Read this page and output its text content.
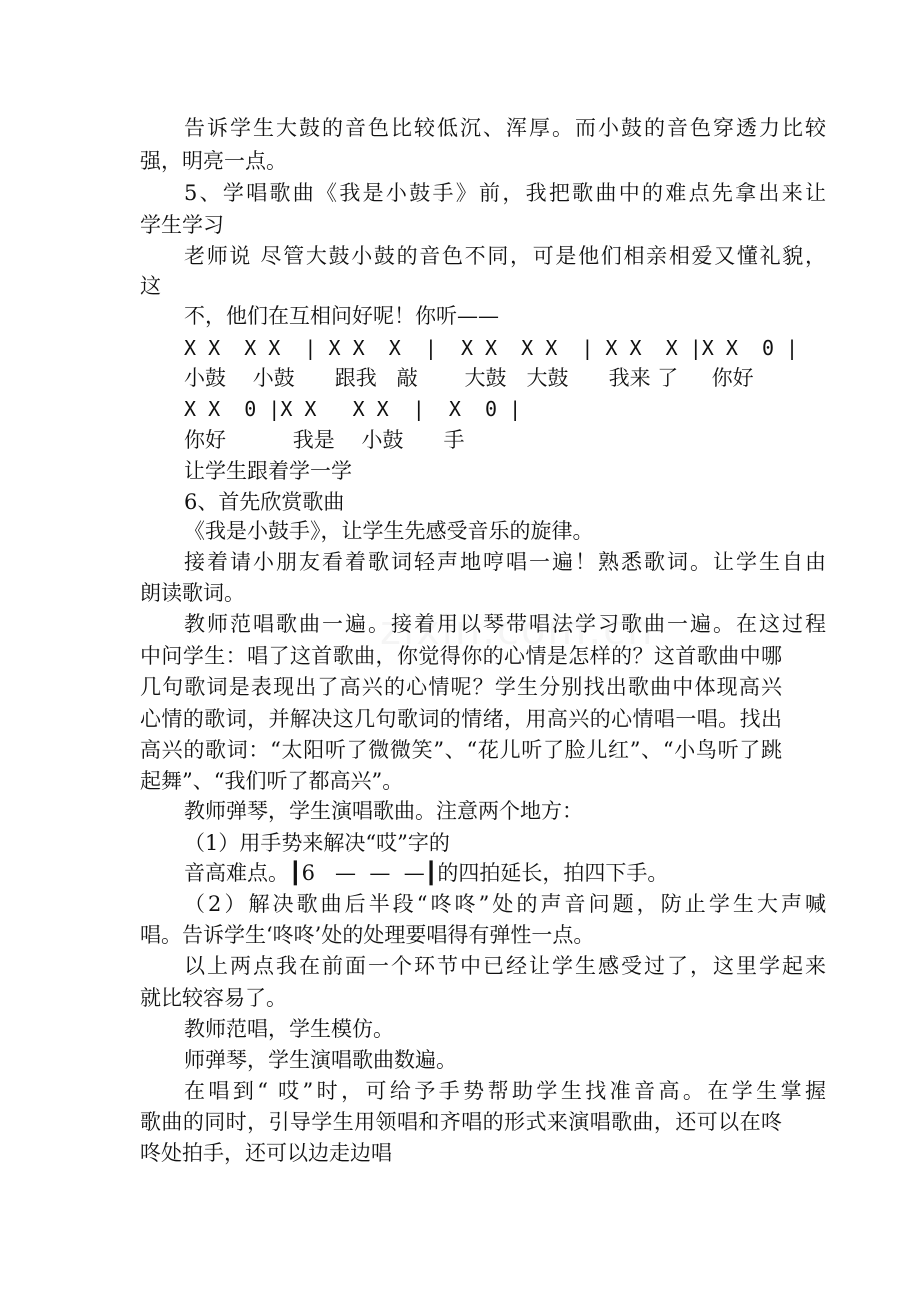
告诉学生大鼓的音色比较低沉、浑厚。而小鼓的音色穿透力比较
强，明亮一点。
5、学唱歌曲《我是小鼓手》前，我把歌曲中的难点先拿出来让
学生学习
老师说 尽管大鼓小鼓的音色不同，可是他们相亲相爱又懂礼貌，
这
不，他们在互相问好呢！你听——
X X  X X  | X X  X  |  X X  X X  | X X  X |X X  0 |
小鼓    小鼓      跟我   敲       大鼓   大鼓      我来 了     你好
X X  0 |X X   X X  |  X  0 |
你好          我是    小鼓      手
让学生跟着学一学
6、首先欣赏歌曲
《我是小鼓手》，让学生先感受音乐的旋律。
接着请小朋友看着歌词轻声地哼唱一遍！熟悉歌词。让学生自由
朗读歌词。
教师范唱歌曲一遍。接着用以琴带唱法学习歌曲一遍。在这过程
中问学生：唱了这首歌曲，你觉得你的心情是怎样的？这首歌曲中哪
几句歌词是表现出了高兴的心情呢？学生分别找出歌曲中体现高兴
心情的歌词，并解决这几句歌词的情绪，用高兴的心情唱一唱。找出
高兴的歌词：“太阳听了微微笑”、“花儿听了脸儿红”、“小鸟听了跳
起舞”、“我们听了都高兴”。
教师弹琴，学生演唱歌曲。注意两个地方：
（1）用手势来解决“哎”字的
音高难点。┃6   —  —  —┃的四拍延长，拍四下手。
（2）解决歌曲后半段“咚咚”处的声音问题，防止学生大声喊
唱。告诉学生‘咚咚’处的处理要唱得有弹性一点。
以上两点我在前面一个环节中已经让学生感受过了，这里学起来
就比较容易了。
教师范唱，学生模仿。
师弹琴，学生演唱歌曲数遍。
在唱到“ 哎”时，可给予手势帮助学生找准音高。在学生掌握
歌曲的同时，引导学生用领唱和齐唱的形式来演唱歌曲，还可以在咚
咚处拍手，还可以边走边唱
